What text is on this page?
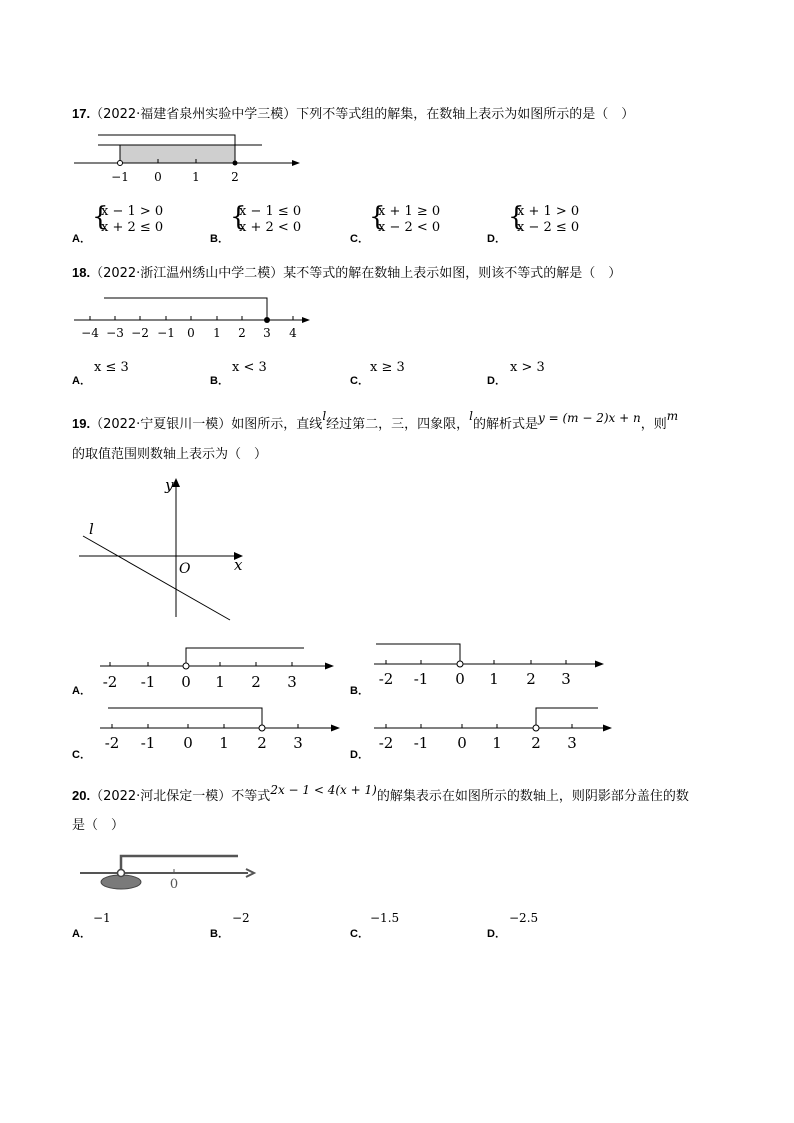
17.（2022·福建省泉州实验中学三模）下列不等式组的解集，在数轴上表示为如图所示的是（　）
−1 0	1	2
A．
{
x − 1 > 0
x + 2 ≤ 0
B．
{
x − 1 ≤ 0
x + 2 < 0
C．
{
x + 1 ≥ 0
x − 2 < 0
D．
{
x + 1 > 0
x − 2 ≤ 0
18.（2022·浙江温州绣山中学二模）某不等式的解在数轴上表示如图，则该不等式的解是（　）
−4 −3 −2 −1 0 1 2 3 4
A．
x ≤ 3
B．
x < 3
C．
x ≥ 3
D．
x > 3
19.（2022·宁夏银川一模）如图所示，直线l经过第二，三，四象限，l的解析式是y = (m − 2)x + n，则m
的取值范围则数轴上表示为（　）
y
x
O
l
A． -2 -1 0 1 2 3	B．
-2 -1 0 1 2 3
C．
-2 -1 0 1 2 3
D．
-2 -1 0 1 2 3
20.（2022·河北保定一模）不等式2x − 1 < 4(x + 1)的解集表示在如图所示的数轴上，则阴影部分盖住的数
是（　）
0
A．
−1
B．
−2
C．
−1.5
D．
−2.5
